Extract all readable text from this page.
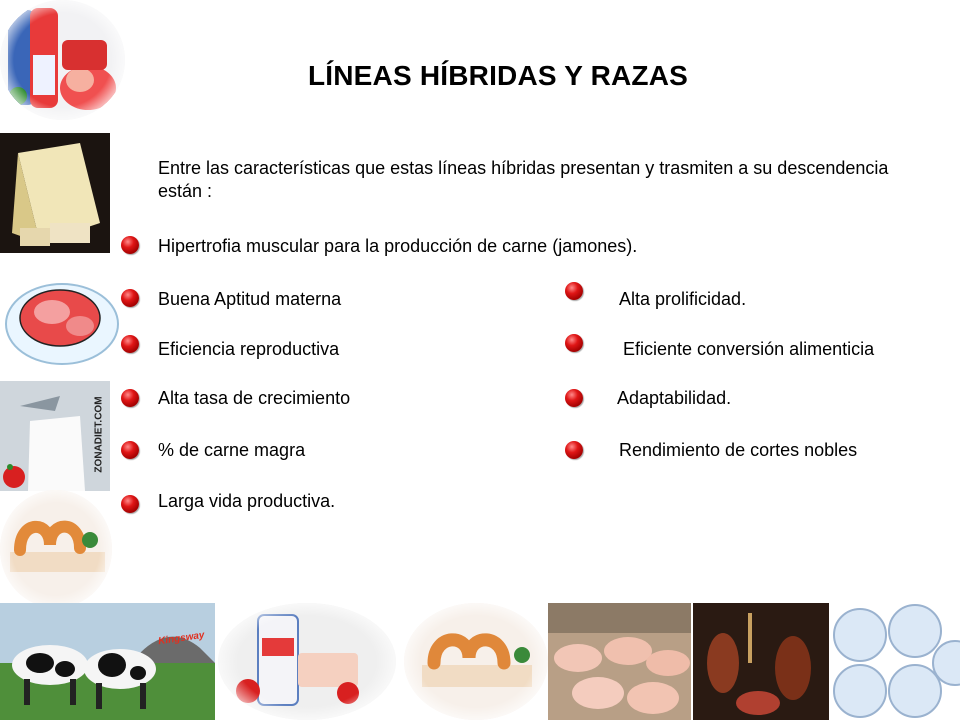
LÍNEAS HÍBRIDAS Y RAZAS
Entre las características que estas líneas híbridas presentan y trasmiten a su descendencia están :
Hipertrofia muscular para la producción de carne (jamones).
Buena Aptitud materna
Eficiencia reproductiva
Alta tasa de crecimiento
% de carne magra
Larga vida productiva.
Alta prolificidad.
Eficiente conversión alimenticia
Adaptabilidad.
Rendimiento de cortes nobles
ZONADIET.COM
Kingsway
